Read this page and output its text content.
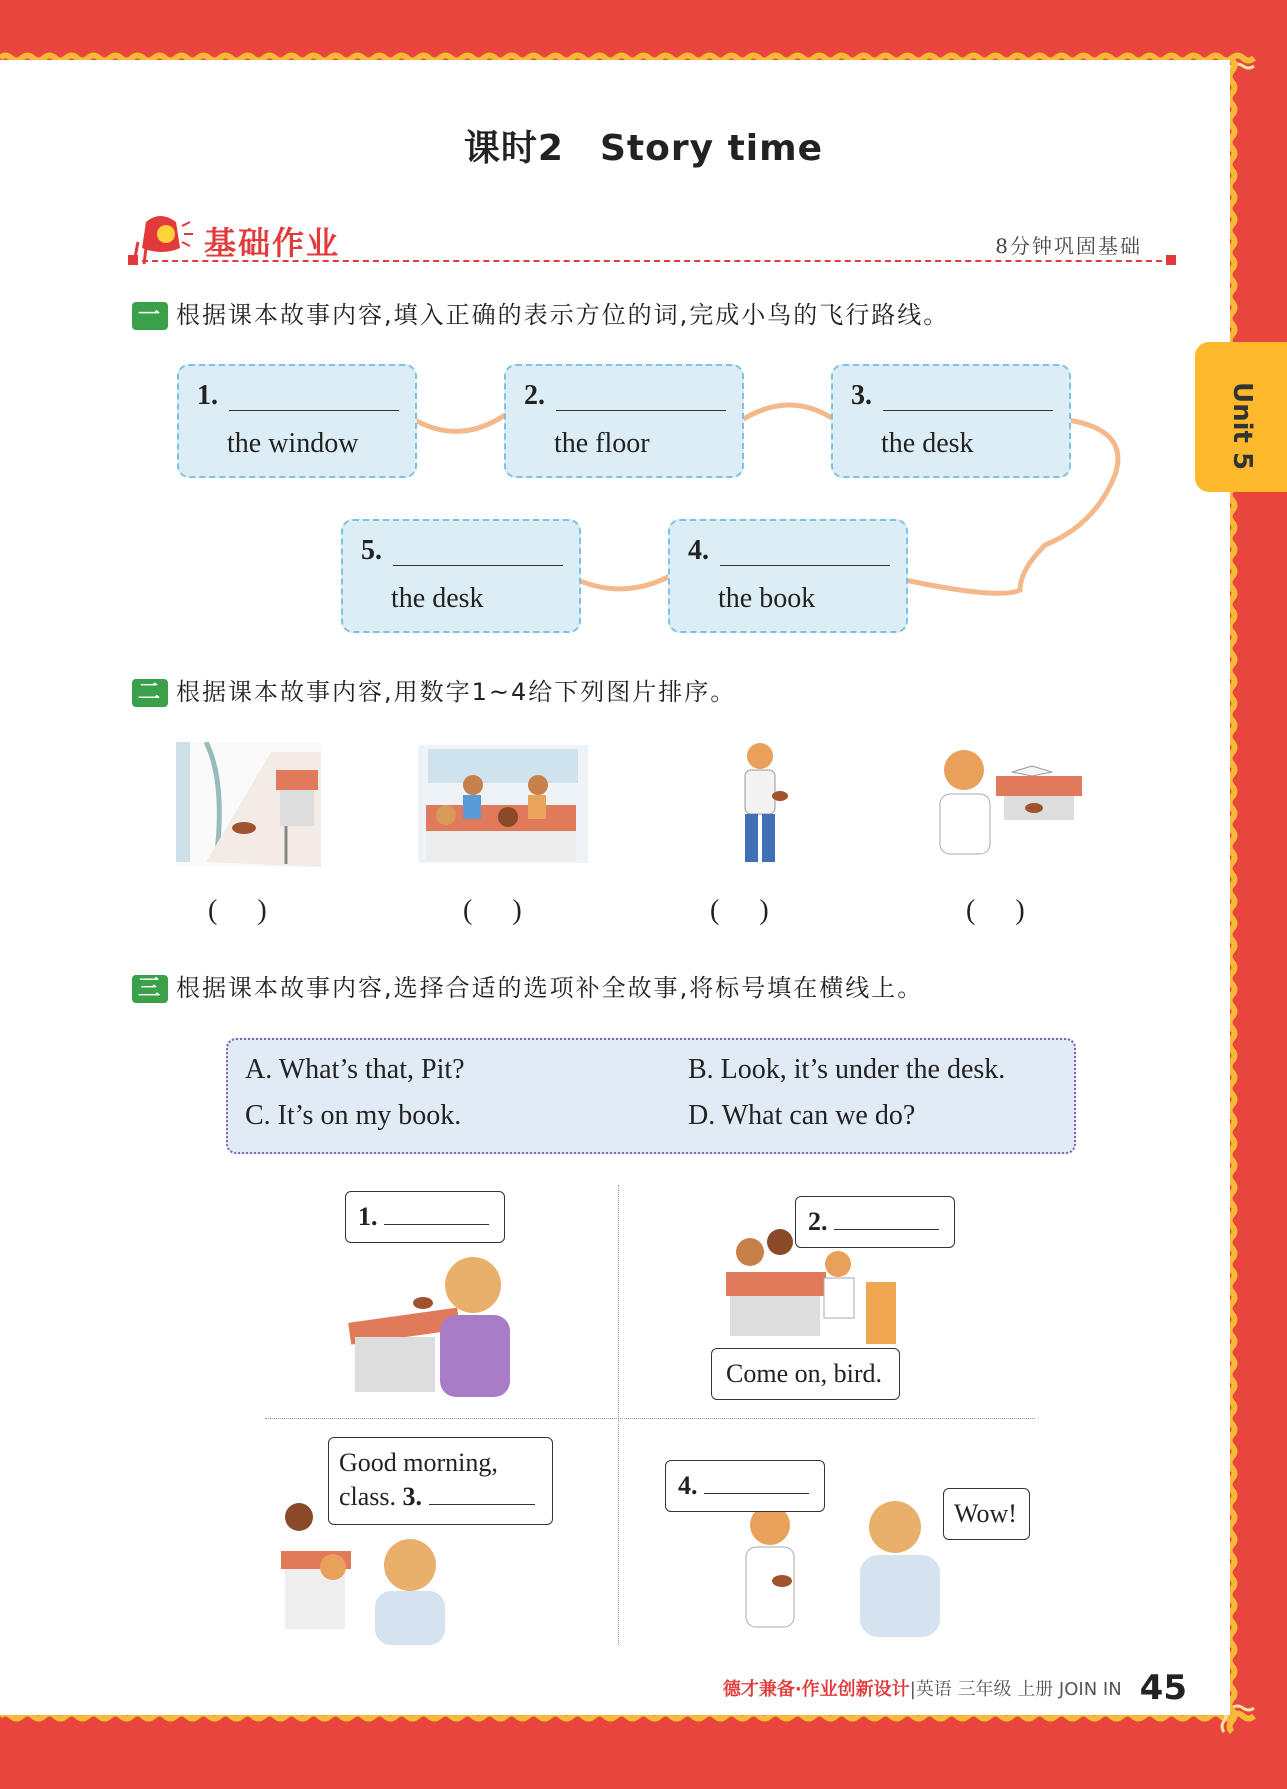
Unit 5
课时2 Story time
基础作业	8分钟巩固基础
一 根据课本故事内容,填入正确的表示方位的词,完成小鸟的飞行路线。
1.
the window
2.
the floor
3.
the desk
4.
the book
5.
the desk
二 根据课本故事内容,用数字1~4给下列图片排序。
()	()	()	()
三 根据课本故事内容,选择合适的选项补全故事,将标号填在横线上。
A. What’s that, Pit?	B. Look, it’s under the desk.
C. It’s on my book.	D. What can we do?
1.	2.
Come on, bird.
Good morning,
class. 3.	4.
Wow!
德才兼备·作业创新设计|英语 三年级 上册 JOIN IN 45
